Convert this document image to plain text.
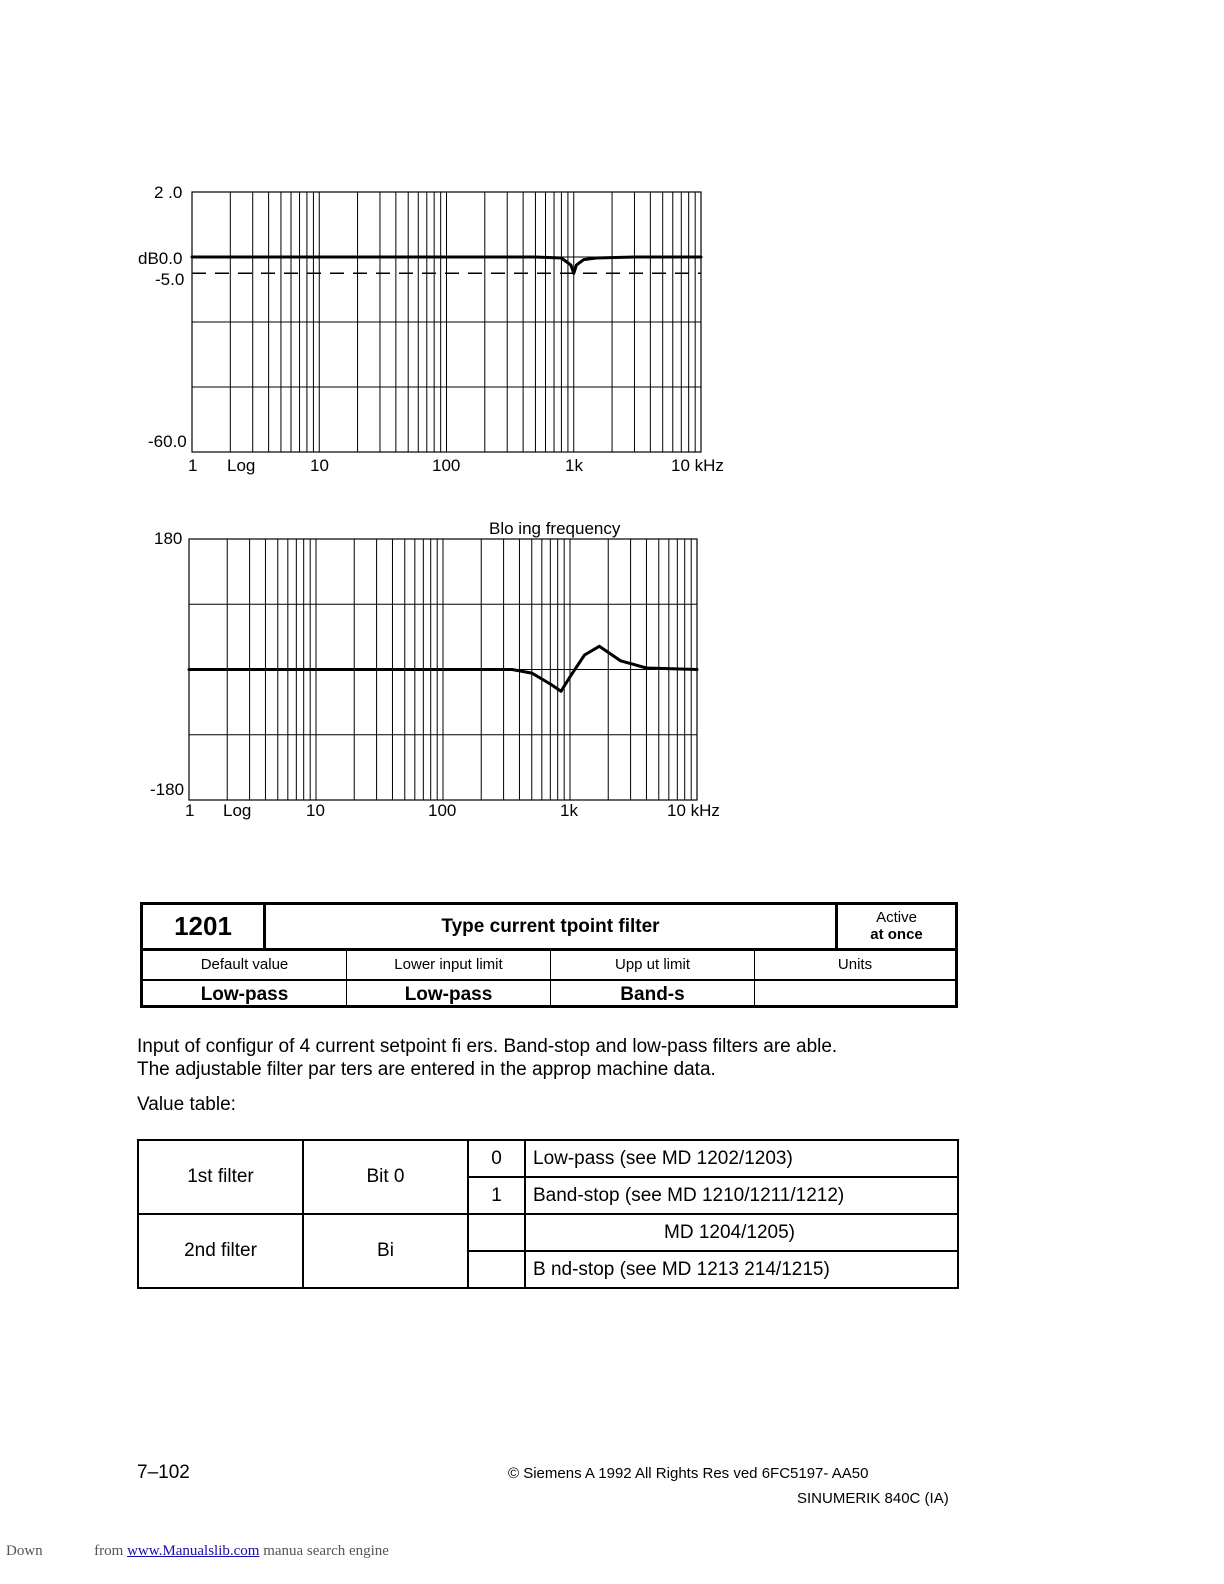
2 .0
dB0.0
-5.0
-60.0
1 Log	10	100	1k	10 kHz
Blo ing frequency
180
-180
1 Log	10	100	1k	10 kHz
1201	Type current tpoint filter	Active
at once
Default value	Lower input limit	Upp ut limit	Units
Low-pass	Low-pass	Band-s
Input of configur of 4 current setpoint fi ers. Band-stop and low-pass filters are able.
The adjustable filter par ters are entered in the approp machine data.
Value table:
1st filter	Bit 0	0	Low-pass (see MD 1202/1203)
		1	Band-stop (see MD 1210/1211/1212)
2nd filter	Bi		MD 1204/1205)
			B nd-stop (see MD 1213 214/1215)
7–102	© Siemens A 1992 All Rights Res ved 6FC5197- AA50
SINUMERIK 840C (IA)
Down	from www.Manualslib.com manua search engine
